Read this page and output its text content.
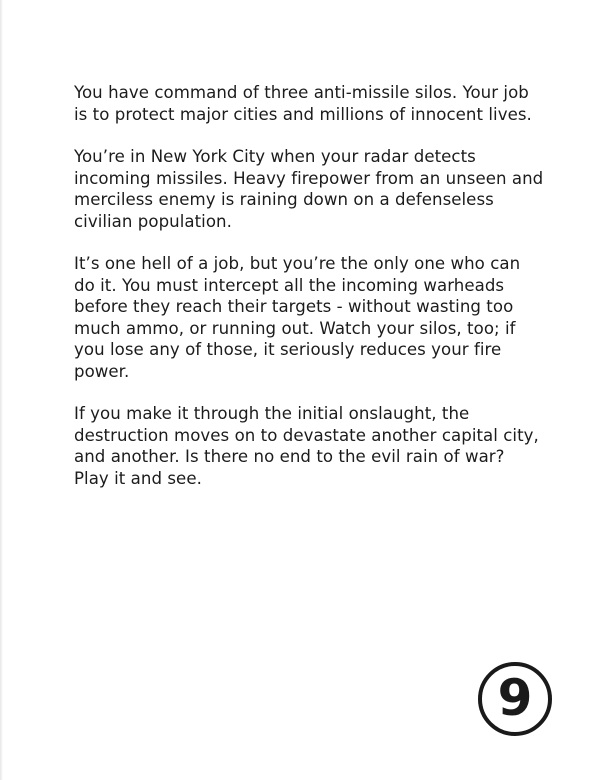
You have command of three anti-missile silos. Your job is to protect major cities and millions of innocent lives.

You’re in New York City when your radar detects incoming missiles. Heavy firepower from an unseen and merciless enemy is raining down on a defenseless civilian population.

It’s one hell of a job, but you’re the only one who can do it. You must intercept all the incoming warheads before they reach their targets - without wasting too much ammo, or running out. Watch your silos, too; if you lose any of those, it seriously reduces your fire power.

If you make it through the initial onslaught, the destruction moves on to devastate another capital city, and another. Is there no end to the evil rain of war? Play it and see.

9
